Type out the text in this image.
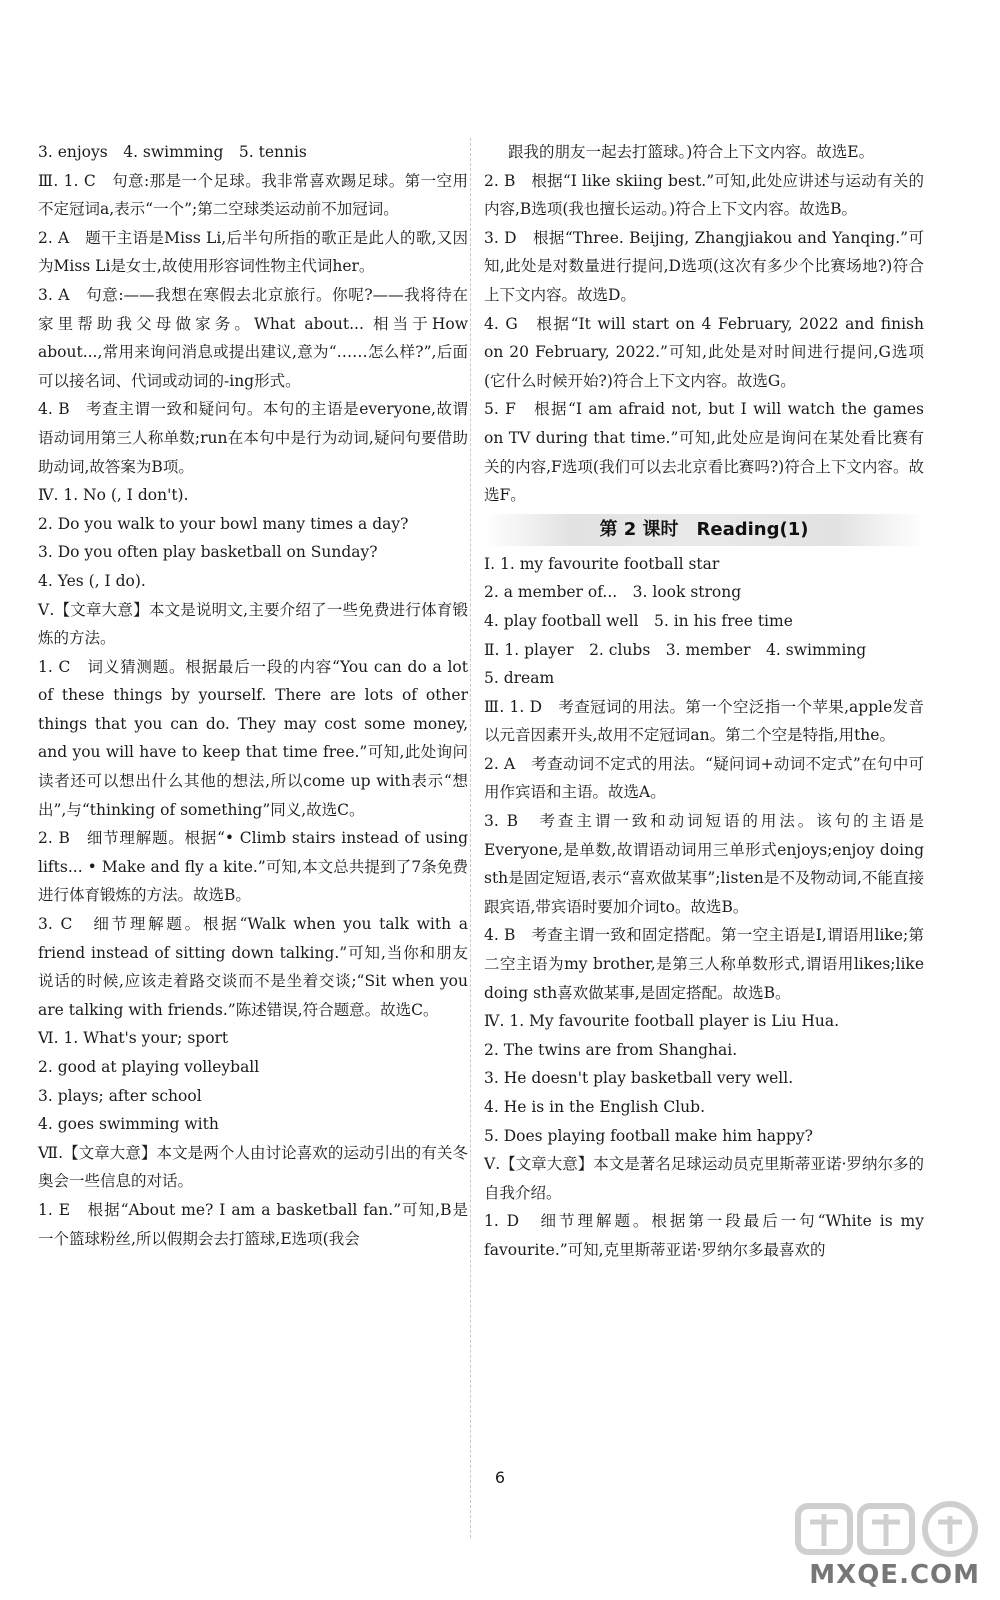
3. enjoys　4. swimming　5. tennis

Ⅲ. 1. C　句意:那是一个足球。我非常喜欢踢足球。第一空用不定冠词a,表示“一个”;第二空球类运动前不加冠词。

2. A　题干主语是Miss Li,后半句所指的歌正是此人的歌,又因为Miss Li是女士,故使用形容词性物主代词her。

3. A　句意:——我想在寒假去北京旅行。你呢?——我将待在家里帮助我父母做家务。What about... 相当于How about...,常用来询问消息或提出建议,意为“……怎么样?”,后面可以接名词、代词或动词的-ing形式。

4. B　考查主谓一致和疑问句。本句的主语是everyone,故谓语动词用第三人称单数;run在本句中是行为动词,疑问句要借助助动词,故答案为B项。

Ⅳ. 1. No (, I don't).

2. Do you walk to your bowl many times a day?

3. Do you often play basketball on Sunday?

4. Yes (, I do).

Ⅴ.【文章大意】本文是说明文,主要介绍了一些免费进行体育锻炼的方法。

1. C　词义猜测题。根据最后一段的内容“You can do a lot of these things by yourself. There are lots of other things that you can do. They may cost some money, and you will have to keep that time free.”可知,此处询问读者还可以想出什么其他的想法,所以come up with表示“想出”,与“thinking of something”同义,故选C。

2. B　细节理解题。根据“• Climb stairs instead of using lifts... • Make and fly a kite.”可知,本文总共提到了7条免费进行体育锻炼的方法。故选B。

3. C　细节理解题。根据“Walk when you talk with a friend instead of sitting down talking.”可知,当你和朋友说话的时候,应该走着路交谈而不是坐着交谈;“Sit when you are talking with friends.”陈述错误,符合题意。故选C。

Ⅵ. 1. What's your; sport

2. good at playing volleyball

3. plays; after school

4. goes swimming with

Ⅶ.【文章大意】本文是两个人由讨论喜欢的运动引出的有关冬奥会一些信息的对话。

1. E　根据“About me? I am a basketball fan.”可知,B是一个篮球粉丝,所以假期会去打篮球,E选项(我会

跟我的朋友一起去打篮球。)符合上下文内容。故选E。

2. B　根据“I like skiing best.”可知,此处应讲述与运动有关的内容,B选项(我也擅长运动。)符合上下文内容。故选B。

3. D　根据“Three. Beijing, Zhangjiakou and Yanqing.”可知,此处是对数量进行提问,D选项(这次有多少个比赛场地?)符合上下文内容。故选D。

4. G　根据“It will start on 4 February, 2022 and finish on 20 February, 2022.”可知,此处是对时间进行提问,G选项(它什么时候开始?)符合上下文内容。故选G。

5. F　根据“I am afraid not, but I will watch the games on TV during that time.”可知,此处应是询问在某处看比赛有关的内容,F选项(我们可以去北京看比赛吗?)符合上下文内容。故选F。

第 2 课时　Reading(1)

Ⅰ. 1. my favourite football star

2. a member of...　3. look strong

4. play football well　5. in his free time

Ⅱ. 1. player　2. clubs　3. member　4. swimming

5. dream

Ⅲ. 1. D　考查冠词的用法。第一个空泛指一个苹果,apple发音以元音因素开头,故用不定冠词an。第二个空是特指,用the。

2. A　考查动词不定式的用法。“疑问词+动词不定式”在句中可用作宾语和主语。故选A。

3. B　考查主谓一致和动词短语的用法。该句的主语是Everyone,是单数,故谓语动词用三单形式enjoys;enjoy doing sth是固定短语,表示“喜欢做某事”;listen是不及物动词,不能直接跟宾语,带宾语时要加介词to。故选B。

4. B　考查主谓一致和固定搭配。第一空主语是I,谓语用like;第二空主语为my brother,是第三人称单数形式,谓语用likes;like doing sth喜欢做某事,是固定搭配。故选B。

Ⅳ. 1. My favourite football player is Liu Hua.

2. The twins are from Shanghai.

3. He doesn't play basketball very well.

4. He is in the English Club.

5. Does playing football make him happy?

Ⅴ.【文章大意】本文是著名足球运动员克里斯蒂亚诺·罗纳尔多的自我介绍。

1. D　细节理解题。根据第一段最后一句“White is my favourite.”可知,克里斯蒂亚诺·罗纳尔多最喜欢的

6
MXQE.COM
